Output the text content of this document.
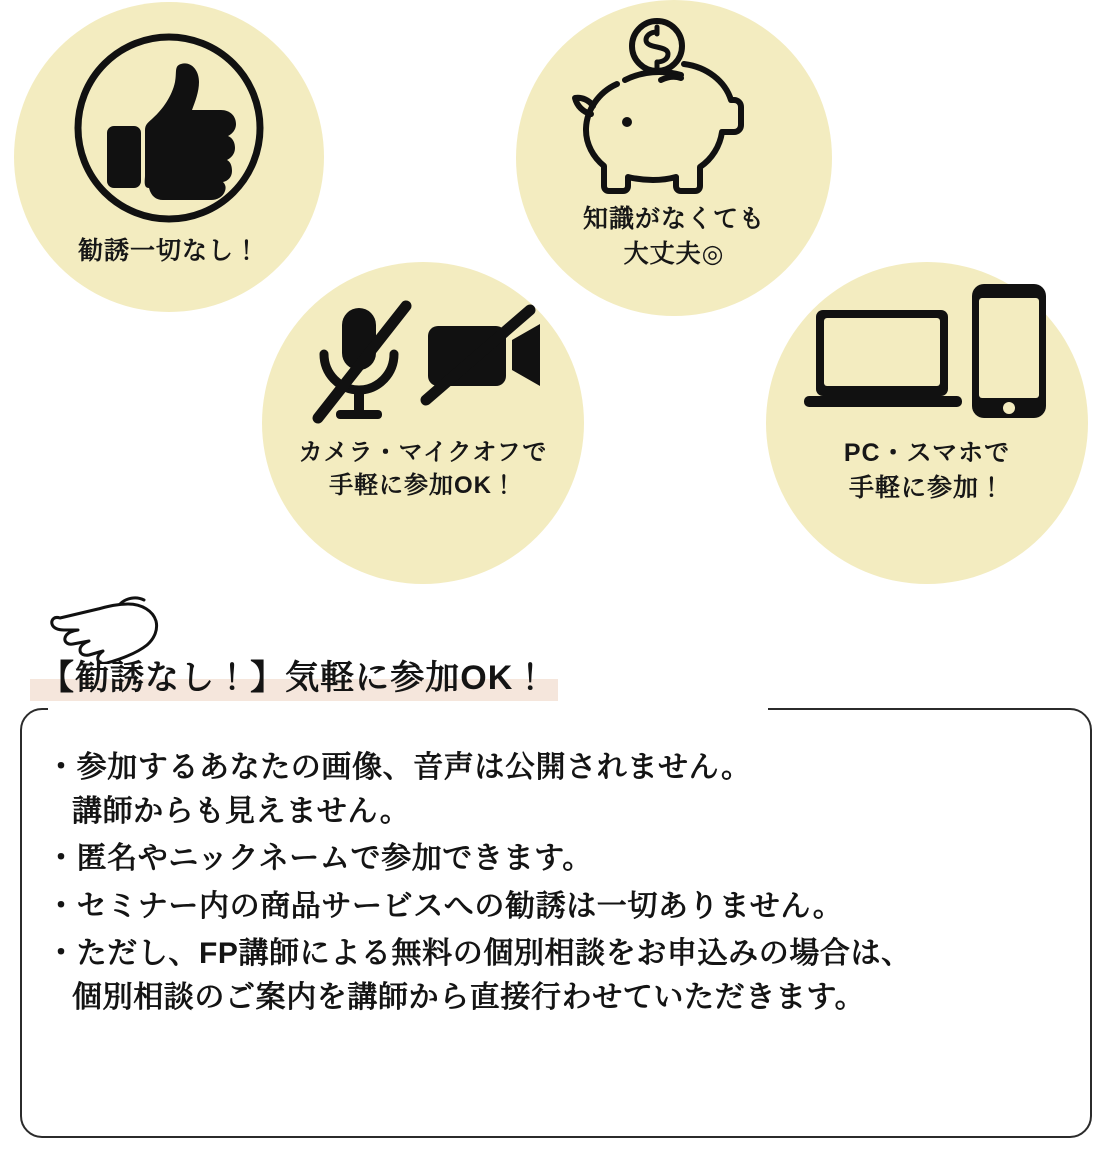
勧誘一切なし！
知識がなくても
大丈夫◎
カメラ・マイクオフで
手軽に参加OK！
PC・スマホで
手軽に参加！
【勧誘なし！】気軽に参加OK！
・参加するあなたの画像、音声は公開されません。
講師からも見えません。
・匿名やニックネームで参加できます。
・セミナー内の商品サービスへの勧誘は一切ありません。
・ただし、FP講師による無料の個別相談をお申込みの場合は、
個別相談のご案内を講師から直接行わせていただきます。
